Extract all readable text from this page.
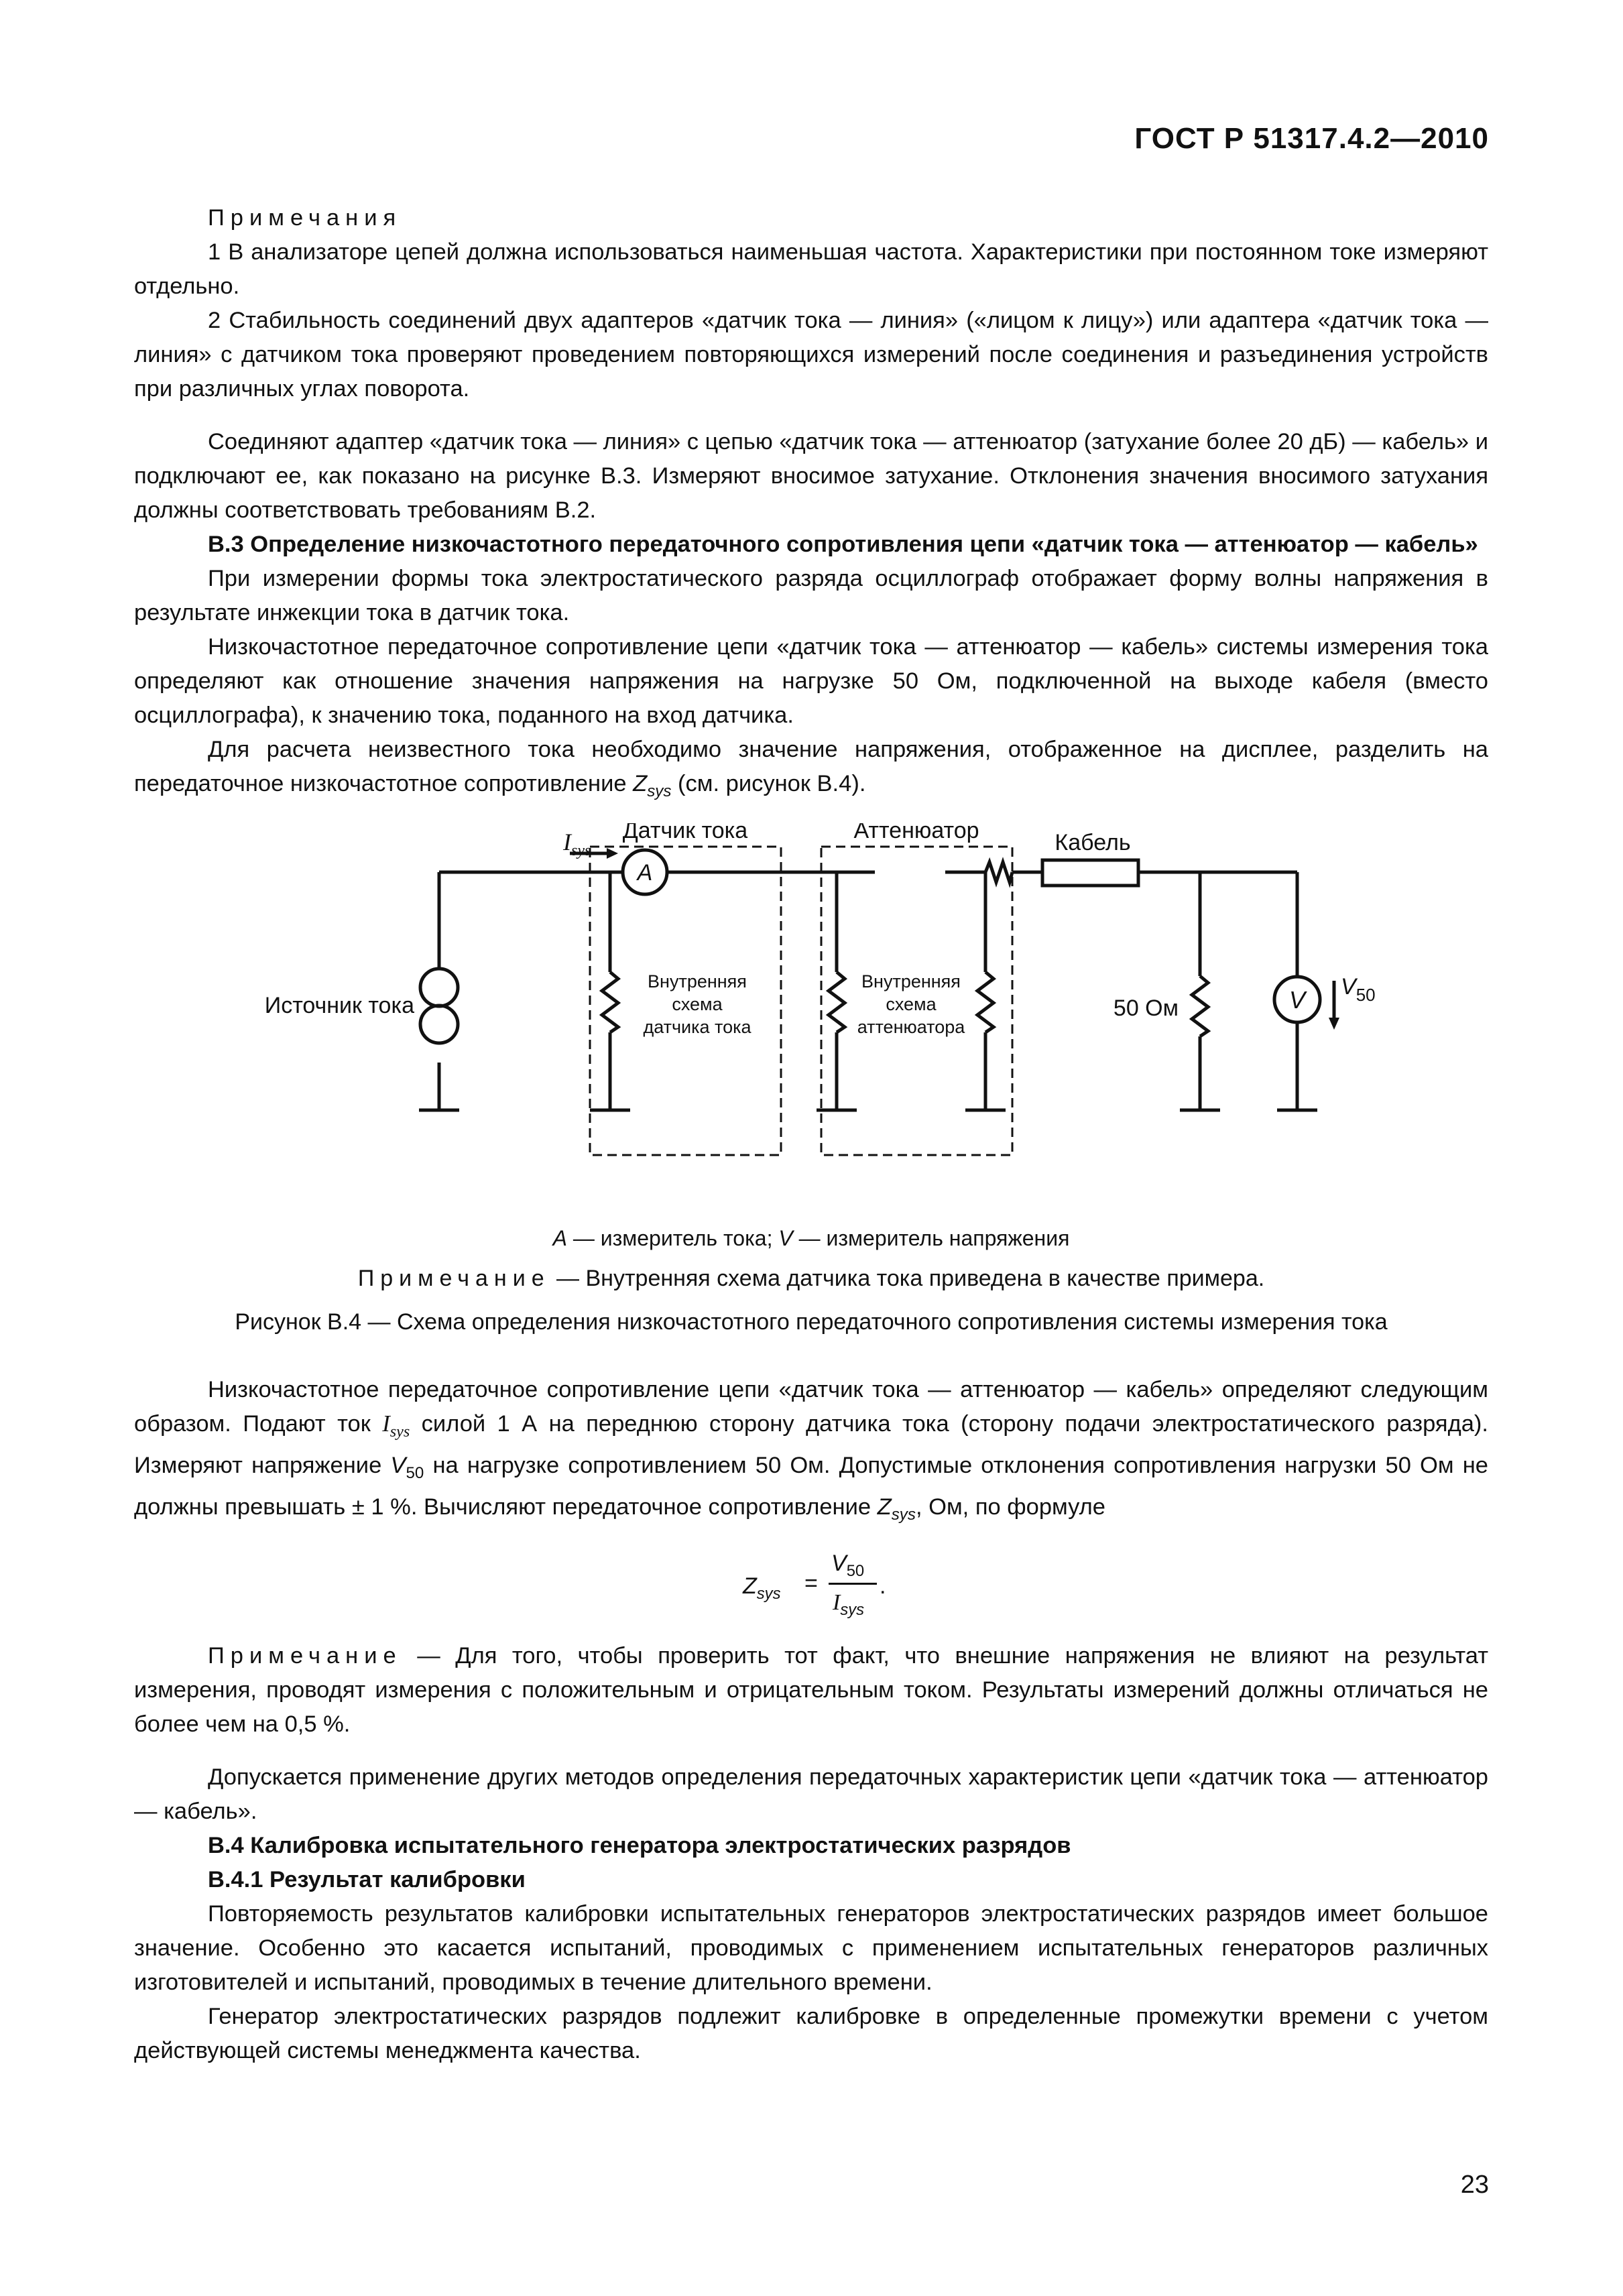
ГОСТ Р 51317.4.2—2010

Примечания

1 В анализаторе цепей должна использоваться наименьшая частота. Характеристики при постоянном токе измеряют отдельно.

2 Стабильность соединений двух адаптеров «датчик тока — линия» («лицом к лицу») или адаптера «датчик тока — линия» с датчиком тока проверяют проведением повторяющихся измерений после соединения и разъединения устройств при различных углах поворота.

Соединяют адаптер «датчик тока — линия» с цепью «датчик тока — аттенюатор (затухание более 20 дБ) — кабель» и подключают ее, как показано на рисунке В.3. Измеряют вносимое затухание. Отклонения значения вносимого затухания должны соответствовать требованиям В.2.

В.3 Определение низкочастотного передаточного сопротивления цепи «датчик тока — аттенюатор — кабель»

При измерении формы тока электростатического разряда осциллограф отображает форму волны напряжения в результате инжекции тока в датчик тока.

Низкочастотное передаточное сопротивление цепи «датчик тока — аттенюатор — кабель» системы измерения тока определяют как отношение значения напряжения на нагрузке 50 Ом, подключенной на выходе кабеля (вместо осциллографа), к значению тока, поданного на вход датчика.

Для расчета неизвестного тока необходимо значение напряжения, отображенное на дисплее, разделить на передаточное низкочастотное сопротивление $Z_{sys}$ (см. рисунок В.4).

Датчик тока	Аттенюатор	Кабель
$I_{sys}$
A
V $V_{50}$
Источник тока
Внутренняя
схема
датчика тока
Внутренняя
схема
аттенюатора
50 Ом

A — измеритель тока; V — измеритель напряжения

Примечание — Внутренняя схема датчика тока приведена в качестве примера.

Рисунок В.4 — Схема определения низкочастотного передаточного сопротивления системы измерения тока

Низкочастотное передаточное сопротивление цепи «датчик тока — аттенюатор — кабель» определяют следующим образом. Подают ток $I_{sys}$ силой 1 А на переднюю сторону датчика тока (сторону подачи электростатического разряда). Измеряют напряжение $V_{50}$ на нагрузке сопротивлением 50 Ом. Допустимые отклонения сопротивления нагрузки 50 Ом не должны превышать ± 1 %. Вычисляют передаточное сопротивление $Z_{sys}$, Ом, по формуле

$Z_{sys}$ =
$V_{50}$
$I_{sys}$
.

Примечание — Для того, чтобы проверить тот факт, что внешние напряжения не влияют на результат измерения, проводят измерения с положительным и отрицательным током. Результаты измерений должны отличаться не более чем на 0,5 %.

Допускается применение других методов определения передаточных характеристик цепи «датчик тока — аттенюатор — кабель».

В.4 Калибровка испытательного генератора электростатических разрядов

В.4.1 Результат калибровки

Повторяемость результатов калибровки испытательных генераторов электростатических разрядов имеет большое значение. Особенно это касается испытаний, проводимых с применением испытательных генераторов различных изготовителей и испытаний, проводимых в течение длительного времени.

Генератор электростатических разрядов подлежит калибровке в определенные промежутки времени с учетом действующей системы менеджмента качества.

23
